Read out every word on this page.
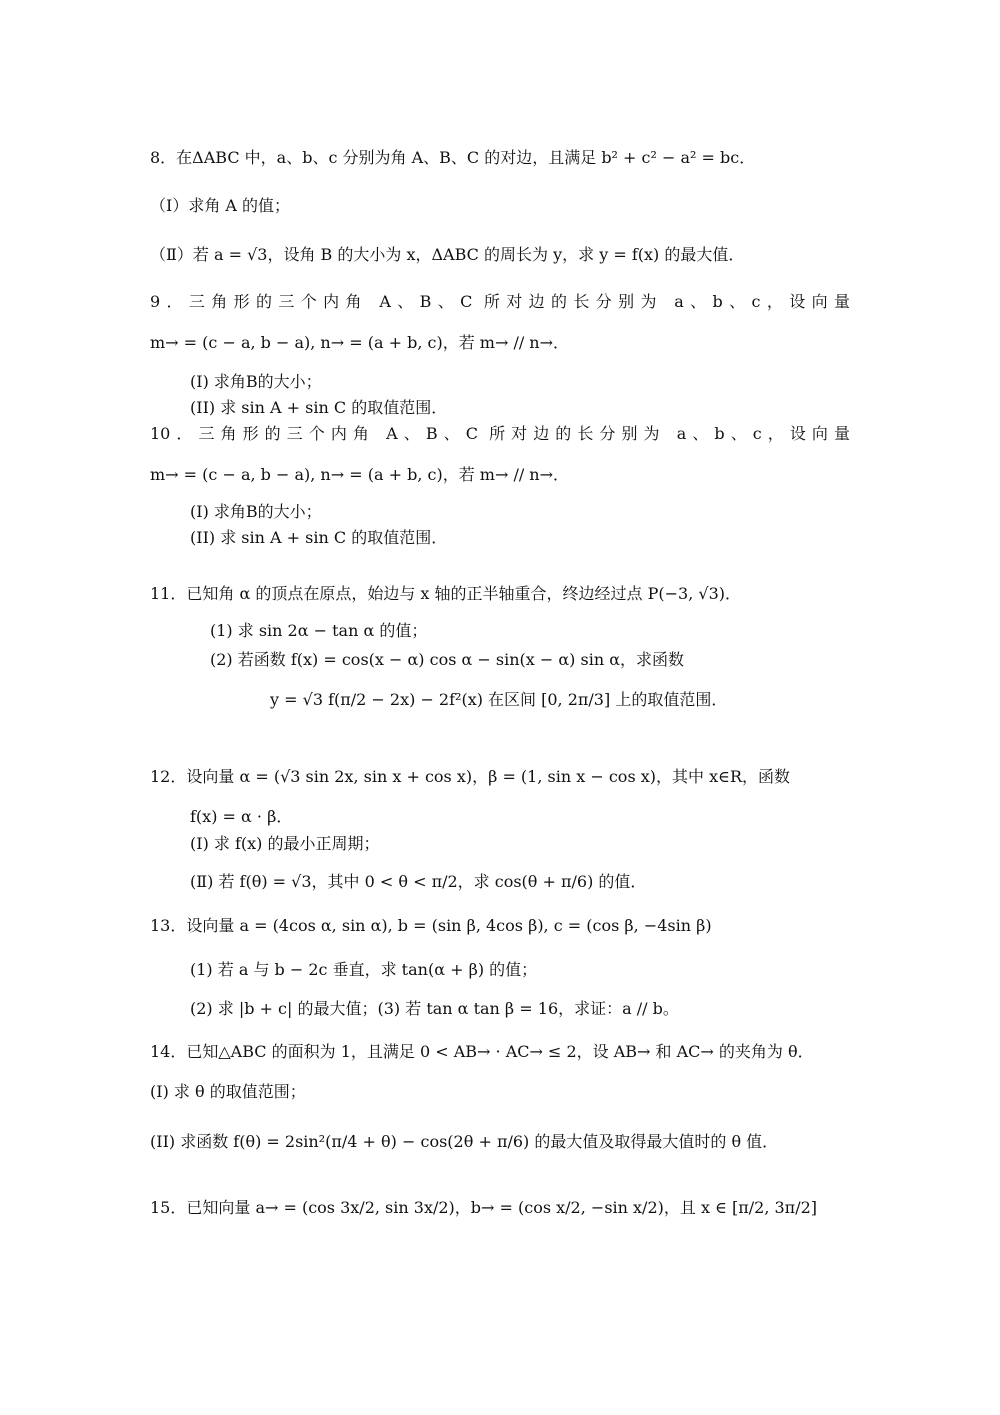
8．在ΔABC 中，a、b、c 分别为角 A、B、C 的对边，且满足 b² + c² − a² = bc．
（Ⅰ）求角 A 的值；
（Ⅱ）若 a = √3，设角 B 的大小为 x，ΔABC 的周长为 y，求 y = f(x) 的最大值．
9．三角形的三个内角 A、B、C 所对边的长分别为 a、b、c，设向量
m→ = (c − a, b − a), n→ = (a + b, c)，若 m→ // n→．
(I) 求角B的大小；
(II) 求 sin A + sin C 的取值范围．
10．三角形的三个内角 A、B、C 所对边的长分别为 a、b、c，设向量
m→ = (c − a, b − a), n→ = (a + b, c)，若 m→ // n→．
(I) 求角B的大小；
(II) 求 sin A + sin C 的取值范围．
11．已知角 α 的顶点在原点，始边与 x 轴的正半轴重合，终边经过点 P(−3, √3)．
(1) 求 sin 2α − tan α 的值；
(2) 若函数 f(x) = cos(x − α) cos α − sin(x − α) sin α，求函数
y = √3 f(π/2 − 2x) − 2f²(x) 在区间 [0, 2π/3] 上的取值范围．
12．设向量 α = (√3 sin 2x, sin x + cos x)，β = (1, sin x − cos x)，其中 x∈R，函数
f(x) = α · β．
(Ⅰ) 求 f(x) 的最小正周期；
(Ⅱ) 若 f(θ) = √3，其中 0 < θ < π/2，求 cos(θ + π/6) 的值．
13．设向量 a = (4cos α, sin α), b = (sin β, 4cos β), c = (cos β, −4sin β)
(1) 若 a 与 b − 2c 垂直，求 tan(α + β) 的值；
(2) 求 |b + c| 的最大值；(3) 若 tan α tan β = 16，求证：a // b。
14．已知△ABC 的面积为 1，且满足 0 < AB→ · AC→ ≤ 2，设 AB→ 和 AC→ 的夹角为 θ．
(I) 求 θ 的取值范围；
(II) 求函数 f(θ) = 2sin²(π/4 + θ) − cos(2θ + π/6) 的最大值及取得最大值时的 θ 值．
15．已知向量 a→ = (cos 3x/2, sin 3x/2)，b→ = (cos x/2, −sin x/2)，且 x ∈ [π/2, 3π/2]
